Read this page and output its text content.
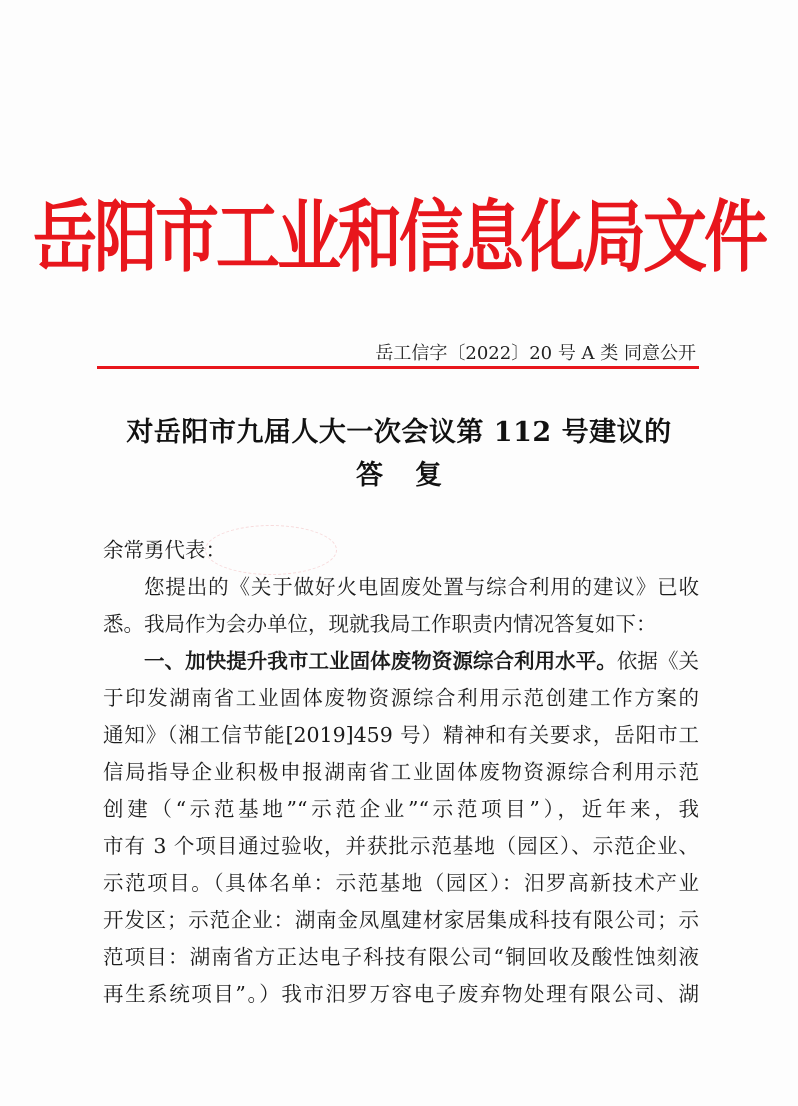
岳阳市工业和信息化局文件
岳工信字〔2022〕20 号 A 类 同意公开
对岳阳市九届人大一次会议第 112 号建议的
答复
余常勇代表：
您提出的《关于做好火电固废处置与综合利用的建议》已收
悉。我局作为会办单位，现就我局工作职责内情况答复如下：
一、加快提升我市工业固体废物资源综合利用水平。依据《关
于印发湖南省工业固体废物资源综合利用示范创建工作方案的
通知》（湘工信节能[2019]459 号）精神和有关要求，岳阳市工
信局指导企业积极申报湖南省工业固体废物资源综合利用示范
创建（“示范基地”“示范企业”“示范项目”），近年来，我
市有 3 个项目通过验收，并获批示范基地（园区）、示范企业、
示范项目。（具体名单：示范基地（园区）：汨罗高新技术产业
开发区；示范企业：湖南金凤凰建材家居集成科技有限公司；示
范项目：湖南省方正达电子科技有限公司“铜回收及酸性蚀刻液
再生系统项目”。）我市汨罗万容电子废弃物处理有限公司、湖
